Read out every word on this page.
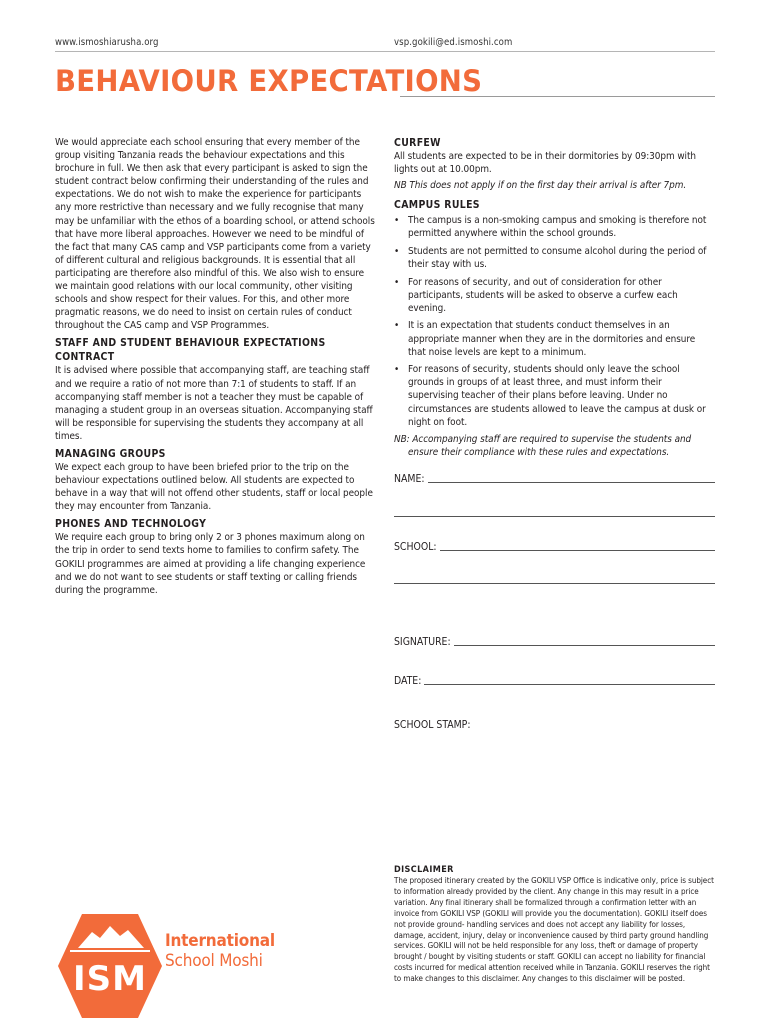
www.ismoshiarusha.org	vsp.gokili@ed.ismoshi.com
BEHAVIOUR EXPECTATIONS

We would appreciate each school ensuring that every member of the group visiting Tanzania reads the behaviour expectations and this brochure in full. We then ask that every participant is asked to sign the student contract below confirming their understanding of the rules and expectations. We do not wish to make the experience for participants any more restrictive than necessary and we fully recognise that many may be unfamiliar with the ethos of a boarding school, or attend schools that have more liberal approaches. However we need to be mindful of the fact that many CAS camp and VSP participants come from a variety of different cultural and religious backgrounds. It is essential that all participating are therefore also mindful of this. We also wish to ensure we maintain good relations with our local community, other visiting schools and show respect for their values. For this, and other more pragmatic reasons, we do need to insist on certain rules of conduct throughout the CAS camp and VSP Programmes.

STAFF AND STUDENT BEHAVIOUR EXPECTATIONS CONTRACT

It is advised where possible that accompanying staff, are teaching staff and we require a ratio of not more than 7:1 of students to staff. If an accompanying staff member is not a teacher they must be capable of managing a student group in an overseas situation. Accompanying staff will be responsible for supervising the students they accompany at all times.

MANAGING GROUPS

We expect each group to have been briefed prior to the trip on the behaviour expectations outlined below. All students are expected to behave in a way that will not offend other students, staff or local people they may encounter from Tanzania.

PHONES AND TECHNOLOGY

We require each group to bring only 2 or 3 phones maximum along on the trip in order to send texts home to families to confirm safety. The GOKILI programmes are aimed at providing a life changing experience and we do not want to see students or staff texting or calling friends during the programme.

CURFEW

All students are expected to be in their dormitories by 09:30pm with lights out at 10.00pm.

NB This does not apply if on the first day their arrival is after 7pm.

CAMPUS RULES
• The campus is a non-smoking campus and smoking is therefore not permitted anywhere within the school grounds.
• Students are not permitted to consume alcohol during the period of their stay with us.
• For reasons of security, and out of consideration for other participants, students will be asked to observe a curfew each evening.
• It is an expectation that students conduct themselves in an appropriate manner when they are in the dormitories and ensure that noise levels are kept to a minimum.
• For reasons of security, students should only leave the school grounds in groups of at least three, and must inform their supervising teacher of their plans before leaving. Under no circumstances are students allowed to leave the campus at dusk or night on foot.

NB: Accompanying staff are required to supervise the students and ensure their compliance with these rules and expectations.

NAME:
SCHOOL:
SIGNATURE:
DATE:
SCHOOL STAMP:
DISCLAIMER

The proposed itinerary created by the GOKILI VSP Office is indicative only, price is subject to information already provided by the client. Any change in this may result in a price variation. Any final itinerary shall be formalized through a confirmation letter with an invoice from GOKILI VSP (GOKILI will provide you the documentation). GOKILI itself does not provide ground- handling services and does not accept any liability for losses, damage, accident, injury, delay or inconvenience caused by third party ground handling services. GOKILI will not be held responsible for any loss, theft or damage of property brought / bought by visiting students or staff. GOKILI can accept no liability for financial costs incurred for medical attention received while in Tanzania. GOKILI reserves the right to make changes to this disclaimer. Any changes to this disclaimer will be posted.

ISM
International
School Moshi
